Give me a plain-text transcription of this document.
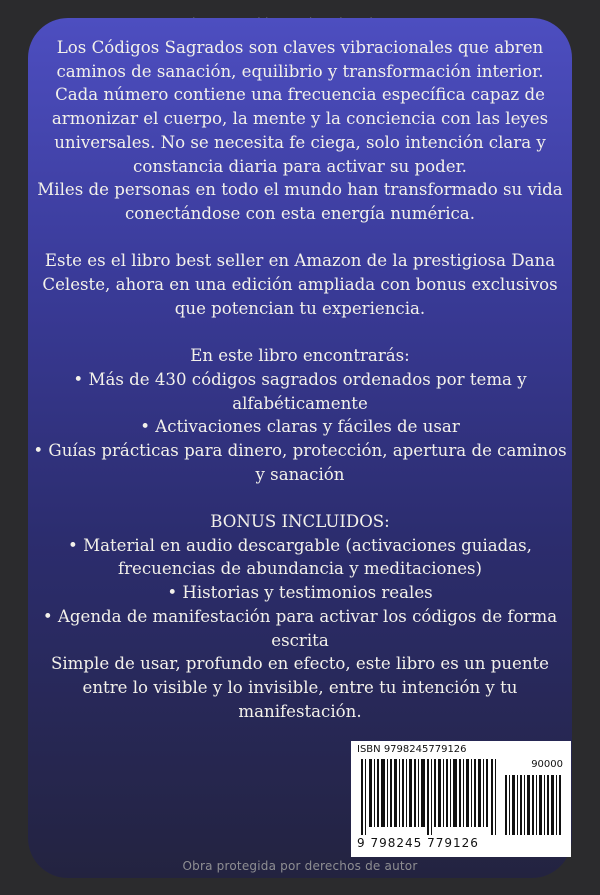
Los Códigos Sagrados son claves vibracionales que abren caminos de sanación, equilibrio y transformación interior.

Cada número contiene una frecuencia específica capaz de armonizar el cuerpo, la mente y la conciencia con las leyes universales. No se necesita fe ciega, solo intención clara y constancia diaria para activar su poder.

Miles de personas en todo el mundo han transformado su vida conectándose con esta energía numérica.

Este es el libro best seller en Amazon de la prestigiosa Dana Celeste, ahora en una edición ampliada con bonus exclusivos que potencian tu experiencia.

En este libro encontrarás:

• Más de 430 códigos sagrados ordenados por tema y alfabéticamente

• Activaciones claras y fáciles de usar

• Guías prácticas para dinero, protección, apertura de caminos y sanación

BONUS INCLUIDOS:

• Material en audio descargable (activaciones guiadas, frecuencias de abundancia y meditaciones)

• Historias y testimonios reales

• Agenda de manifestación para activar los códigos de forma escrita

Simple de usar, profundo en efecto, este libro es un puente entre lo visible y lo invisible, entre tu intención y tu manifestación.

ISBN 9798245779126
90000
9 798245 779126
Obra protegida por derechos de autor
